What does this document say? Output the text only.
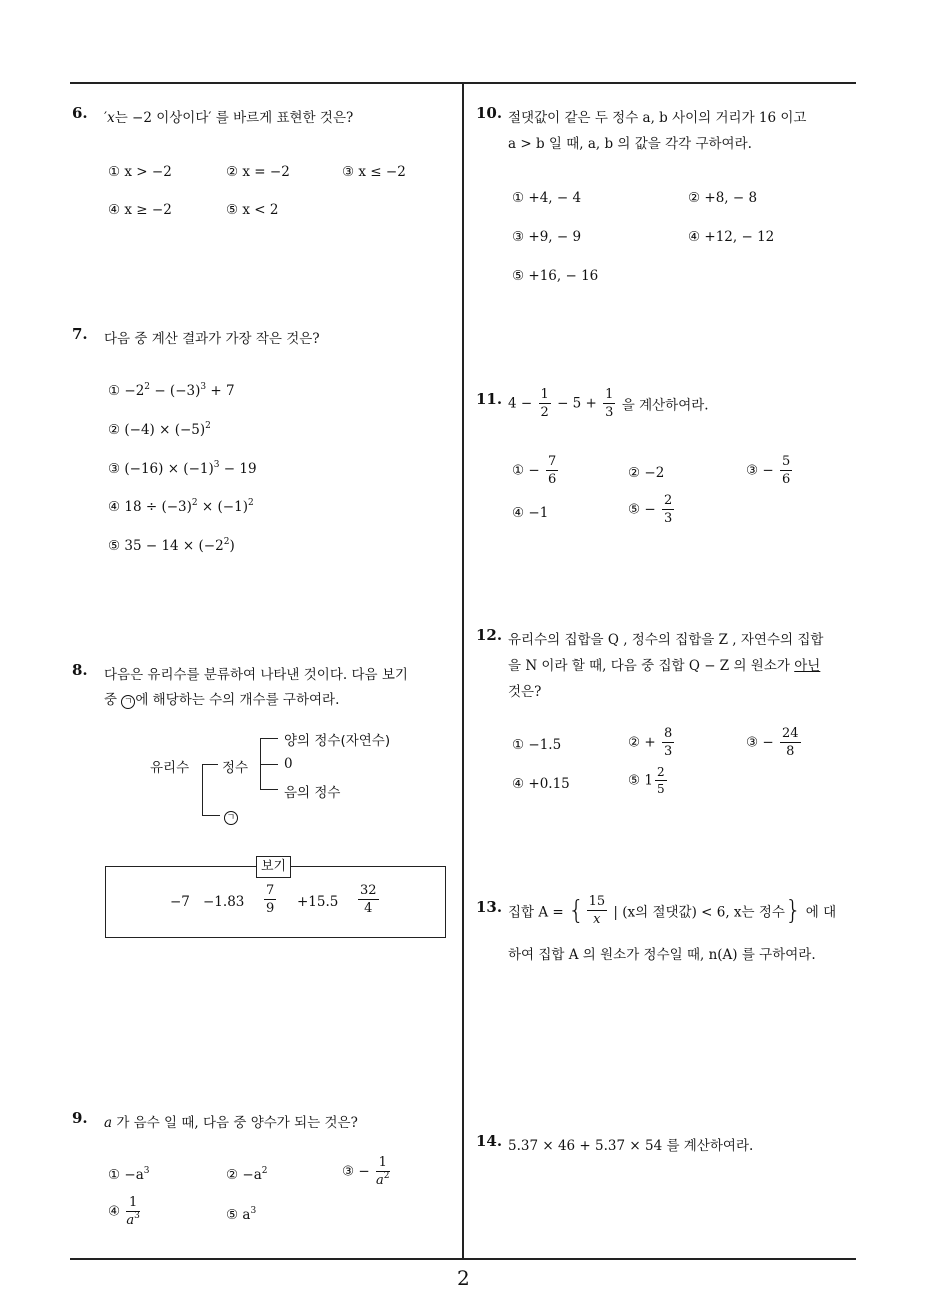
2
6. ′x는 −2 이상이다′ 를 바르게 표현한 것은?
① x > −2	② x = −2	③ x ≤ −2
④ x ≥ −2	⑤ x < 2
7. 다음 중 계산 결과가 가장 작은 것은?
① $-2^2 - (-3)^3 + 7$
② $(-4) \times (-5)^2$
③ $(-16) \times (-1)^3 - 19$
④ $18 \div (-3)^2 \times (-1)^2$
⑤ $35 - 14 \times (-2^2)$
8. 다음은 유리수를 분류하여 나타낸 것이다. 다음 보기
중 ㄱ 에 해당하는 수의 개수를 구하여라.
유리수 정수
양의 정수(자연수)
0
음의 정수
ㄱ
보기
$-7 -1.83 \frac{7}{9} +15.5 \frac{32}{4}$
9. a 가 음수 일 때, 다음 중 양수가 되는 것은?
① $-a^3$	② $-a^2$	③ − $\frac{1}{a^2}$
④ $\frac{1}{a^3}$	⑤ $a^3$
10. 절댓값이 같은 두 정수 a, b 사이의 거리가 16 이고
a > b 일 때, a, b 의 값을 각각 구하여라.
① +4, − 4	② +8, − 8
③ +9, − 9	④ +12, − 12
⑤ +16, − 16
11. $4 - \frac{1}{2} - 5 + \frac{1}{3}$ 을 계산하여라.
① − $\frac{7}{6}$	② −2	③ − $\frac{5}{6}$
④ −1	⑤ − $\frac{2}{3}$
12. 유리수의 집합을 Q , 정수의 집합을 Z , 자연수의 집합
을 N 이라 할 때, 다음 중 집합 Q − Z 의 원소가 아닌
것은?
① −1.5	② + $\frac{8}{3}$	③ − $\frac{24}{8}$
④ +0.15	⑤ $1 \frac{2}{5}$
13. 집합 A = { $\frac{15}{x}$ | (x의 절댓값) < 6, x는 정수} 에 대
하여 집합 A 의 원소가 정수일 때, n(A) 를 구하여라.
14. 5.37 × 46 + 5.37 × 54 를 계산하여라.
